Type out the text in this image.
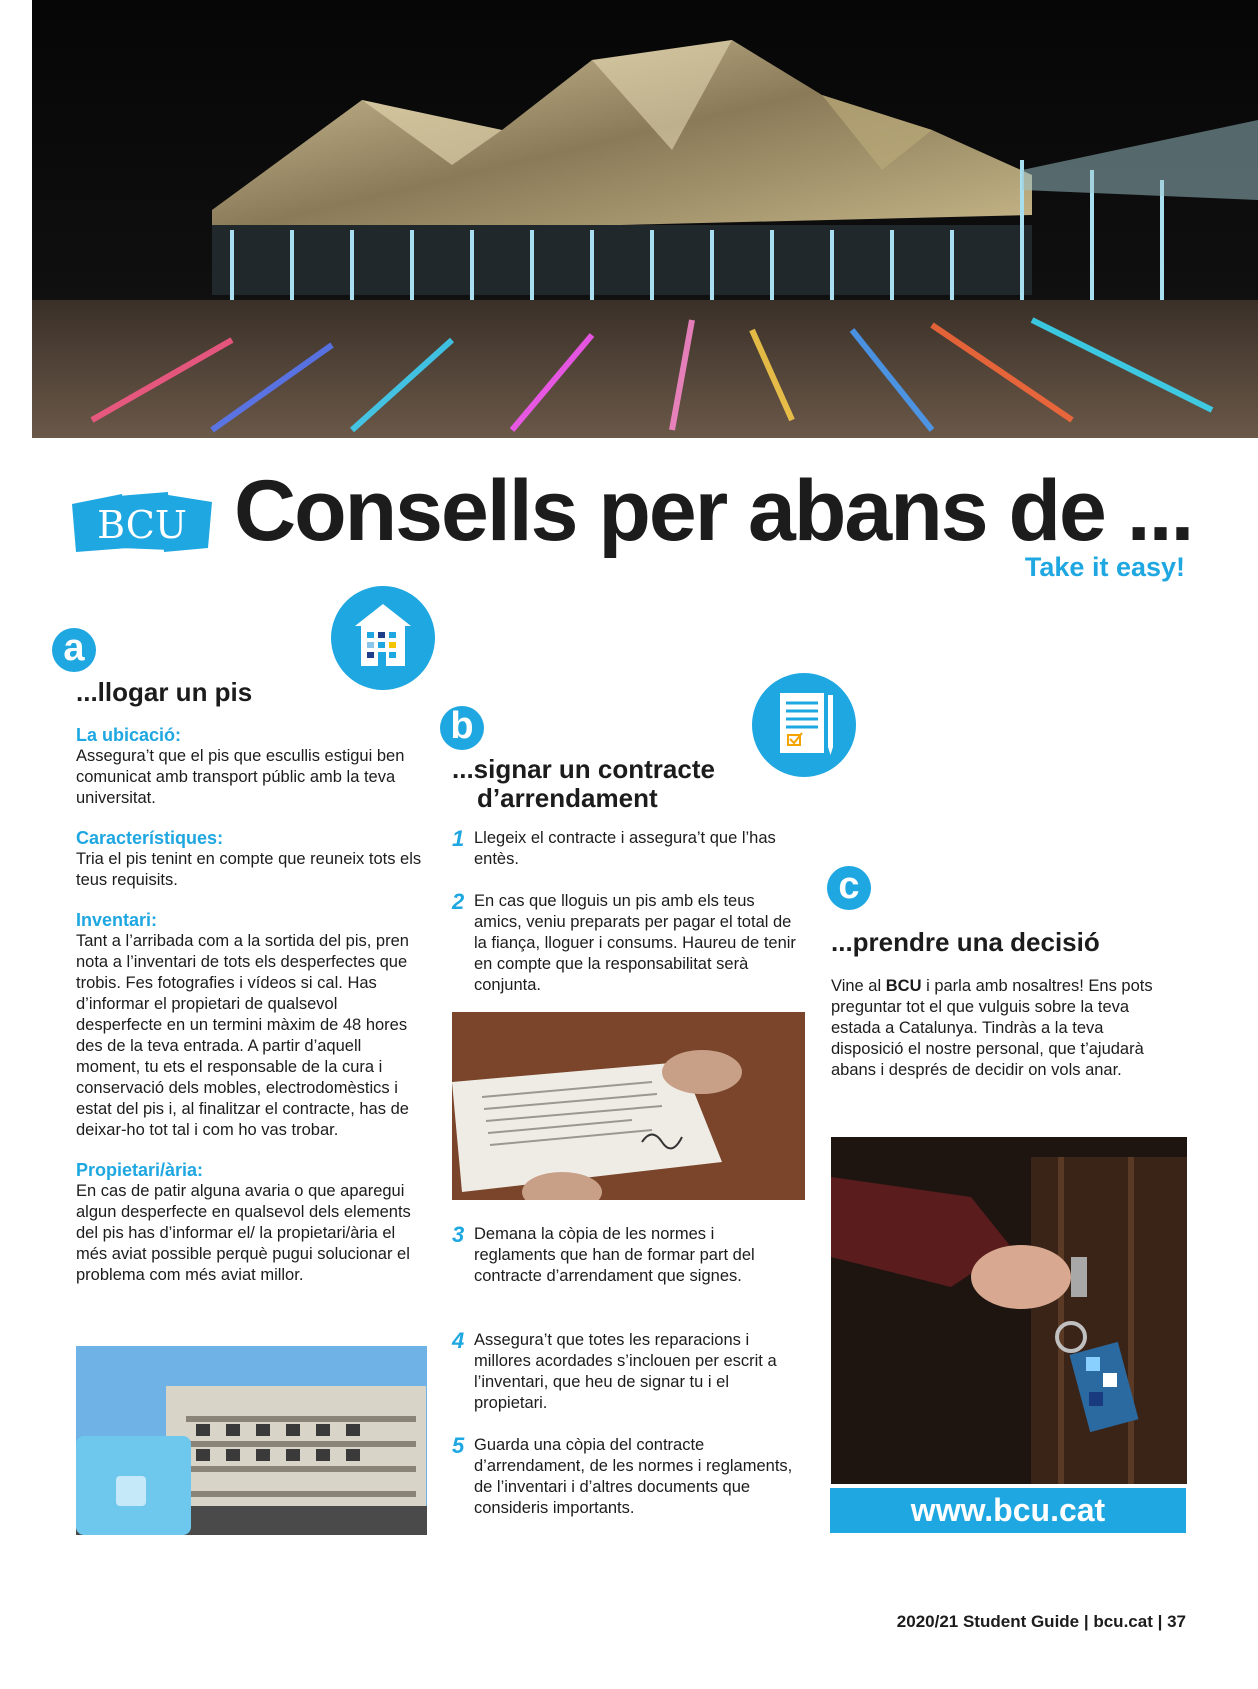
BCU Consells per abans de ...
Take it easy!
a
...llogar un pis
La ubicació:
Assegura’t que el pis que escullis estigui ben comunicat amb transport públic amb la teva universitat.
Característiques:
Tria el pis tenint en compte que reuneix tots els teus requisits.
Inventari:
Tant a l’arribada com a la sortida del pis, pren nota a l’inventari de tots els desperfectes que trobis. Fes fotografies i vídeos si cal. Has d’informar el propietari de qualsevol desperfecte en un termini màxim de 48 hores des de la teva entrada. A partir d’aquell moment, tu ets el responsable de la cura i conservació dels mobles, electrodomèstics i estat del pis i, al finalitzar el contracte, has de deixar-ho tot tal i com ho vas trobar.
Propietari/ària:
En cas de patir alguna avaria o que aparegui algun desperfecte en qualsevol dels elements del pis has d’informar el/ la propietari/ària el més aviat possible perquè pugui solucionar el problema com més aviat millor.
b
...signar un contracte
d’arrendament
1 Llegeix el contracte i assegura’t que l’has entès.
2 En cas que lloguis un pis amb els teus amics, veniu preparats per pagar el total de la fiança, lloguer i consums. Haureu de tenir en compte que la responsabilitat serà conjunta.
3 Demana la còpia de les normes i reglaments que han de formar part del contracte d’arrendament que signes.
4 Assegura’t que totes les reparacions i millores acordades s’inclouen per escrit a l’inventari, que heu de signar tu i el propietari.
5 Guarda una còpia del contracte d’arrendament, de les normes i reglaments, de l’inventari i d’altres documents que consideris importants.
c
...prendre una decisió
Vine al BCU i parla amb nosaltres! Ens pots preguntar tot el que vulguis sobre la teva estada a Catalunya. Tindràs a la teva disposició el nostre personal, que t’ajudarà abans i després de decidir on vols anar.
www.bcu.cat
2020/21 Student Guide | bcu.cat | 37
